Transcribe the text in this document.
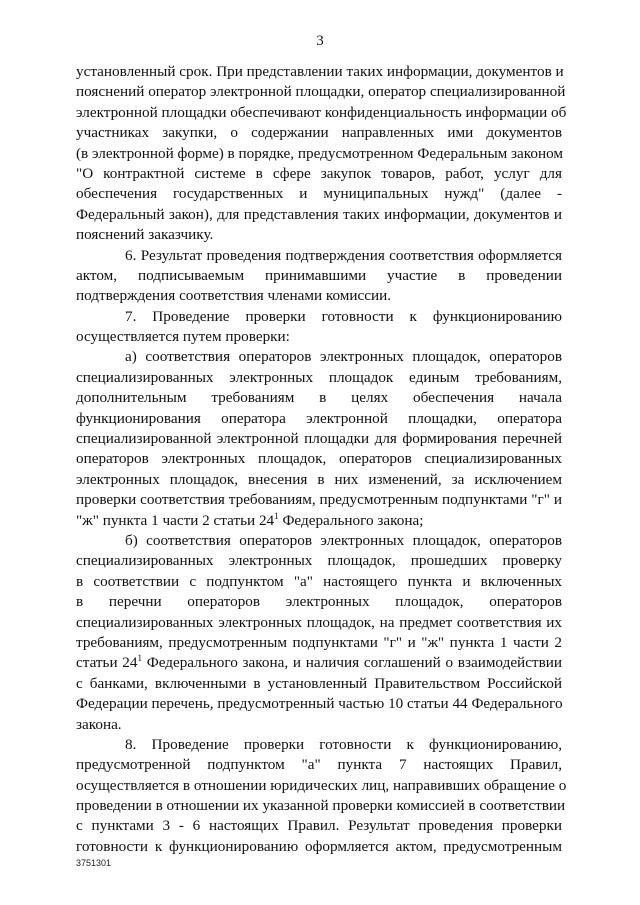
3
установленный срок. При представлении таких информации, документов и
пояснений оператор электронной площадки, оператор специализированной
электронной площадки обеспечивают конфиденциальность информации об
участниках закупки, о содержании направленных ими документов
(в электронной форме) в порядке, предусмотренном Федеральным законом
"О контрактной системе в сфере закупок товаров, работ, услуг для
обеспечения государственных и муниципальных нужд" (далее -
Федеральный закон), для представления таких информации, документов и
пояснений заказчику.
6. Результат проведения подтверждения соответствия оформляется
актом, подписываемым принимавшими участие в проведении
подтверждения соответствия членами комиссии.
7. Проведение проверки готовности к функционированию
осуществляется путем проверки:
а) соответствия операторов электронных площадок, операторов
специализированных электронных площадок единым требованиям,
дополнительным требованиям в целях обеспечения начала
функционирования оператора электронной площадки, оператора
специализированной электронной площадки для формирования перечней
операторов электронных площадок, операторов специализированных
электронных площадок, внесения в них изменений, за исключением
проверки соответствия требованиям, предусмотренным подпунктами "г" и
"ж" пункта 1 части 2 статьи $24^1$ Федерального закона;
б) соответствия операторов электронных площадок, операторов
специализированных электронных площадок, прошедших проверку
в соответствии с подпунктом "а" настоящего пункта и включенных
в перечни операторов электронных площадок, операторов
специализированных электронных площадок, на предмет соответствия их
требованиям, предусмотренным подпунктами "г" и "ж" пункта 1 части 2
статьи $24^1$ Федерального закона, и наличия соглашений о взаимодействии
с банками, включенными в установленный Правительством Российской
Федерации перечень, предусмотренный частью 10 статьи 44 Федерального
закона.
8. Проведение проверки готовности к функционированию,
предусмотренной подпунктом "а" пункта 7 настоящих Правил,
осуществляется в отношении юридических лиц, направивших обращение о
проведении в отношении их указанной проверки комиссией в соответствии
с пунктами 3 - 6 настоящих Правил. Результат проведения проверки
готовности к функционированию оформляется актом, предусмотренным
3751301
